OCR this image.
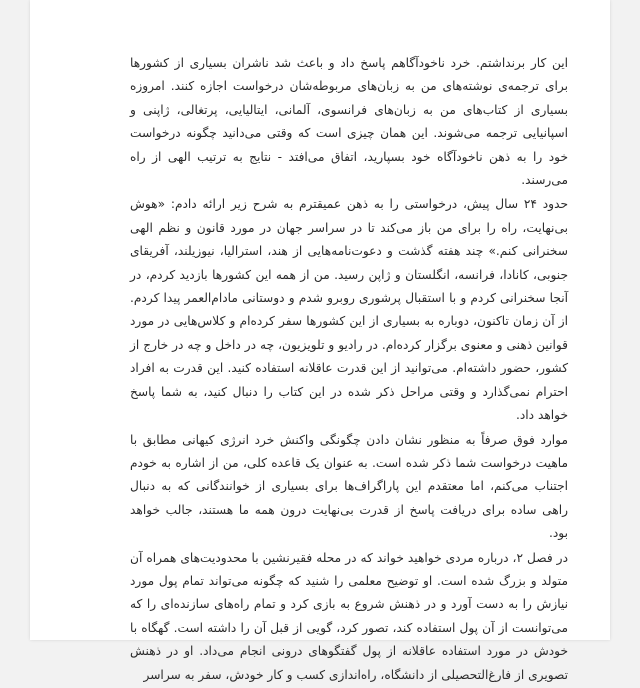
این کار برنداشتم. خرد ناخودآگاهم پاسخ داد و باعث شد ناشران بسیاری از کشورها برای ترجمه‌ی نوشته‌های من به زبان‌های مربوطه‌شان درخواست اجازه کنند. امروزه بسیاری از کتاب‌های من به زبان‌های فرانسوی، آلمانی، ایتالیایی، پرتغالی، ژاپنی و اسپانیایی ترجمه می‌شوند. این همان چیزی است که وقتی می‌دانید چگونه درخواست خود را به ذهن ناخودآگاه خود بسپارید، اتفاق می‌افتد - نتایج به ترتیب الهی از راه می‌رسند.

حدود ۲۴ سال پیش، درخواستی را به ذهن عمیقترم به شرح زیر ارائه دادم: «هوش بی‌نهایت، راه را برای من باز می‌کند تا در سراسر جهان در مورد قانون و نظم الهی سخنرانی کنم.» چند هفته گذشت و دعوت‌نامه‌هایی از هند، استرالیا، نیوزیلند، آفریقای جنوبی، کانادا، فرانسه، انگلستان و ژاپن رسید. من از همه این کشورها بازدید کردم، در آنجا سخنرانی کردم و با استقبال پرشوری روبرو شدم و دوستانی مادام‌العمر پیدا کردم. از آن زمان تاکنون، دوباره به بسیاری از این کشورها سفر کرده‌ام و کلاس‌هایی در مورد قوانین ذهنی و معنوی برگزار کرده‌ام. در رادیو و تلویزیون، چه در داخل و چه در خارج از کشور، حضور داشته‌ام. می‌توانید از این قدرت عاقلانه استفاده کنید. این قدرت به افراد احترام نمی‌گذارد و وقتی مراحل ذکر شده در این کتاب را دنبال کنید، به شما پاسخ خواهد داد.

موارد فوق صرفاً به منظور نشان دادن چگونگی واکنش خرد انرژی کیهانی مطابق با ماهیت درخواست شما ذکر شده است. به عنوان یک قاعده کلی، من از اشاره به خودم اجتناب می‌کنم، اما معتقدم این پاراگراف‌ها برای بسیاری از خوانندگانی که به دنبال راهی ساده برای دریافت پاسخ از قدرت بی‌نهایت درون همه ما هستند، جالب خواهد بود.

در فصل ۲، درباره مردی خواهید خواند که در محله فقیرنشین با محدودیت‌های همراه آن متولد و بزرگ شده است. او توضیح معلمی را شنید که چگونه می‌تواند تمام پول مورد نیازش را به دست آورد و در ذهنش شروع به بازی کرد و تمام راه‌های سازنده‌ای را که می‌توانست از آن پول استفاده کند، تصور کرد، گویی از قبل آن را داشته است. گهگاه با خودش در مورد استفاده عاقلانه از پول گفتگوهای درونی انجام می‌داد. او در ذهنش تصویری از فارغ‌التحصیلی از دانشگاه، راه‌اندازی کسب و کار خودش، سفر به سراسر
